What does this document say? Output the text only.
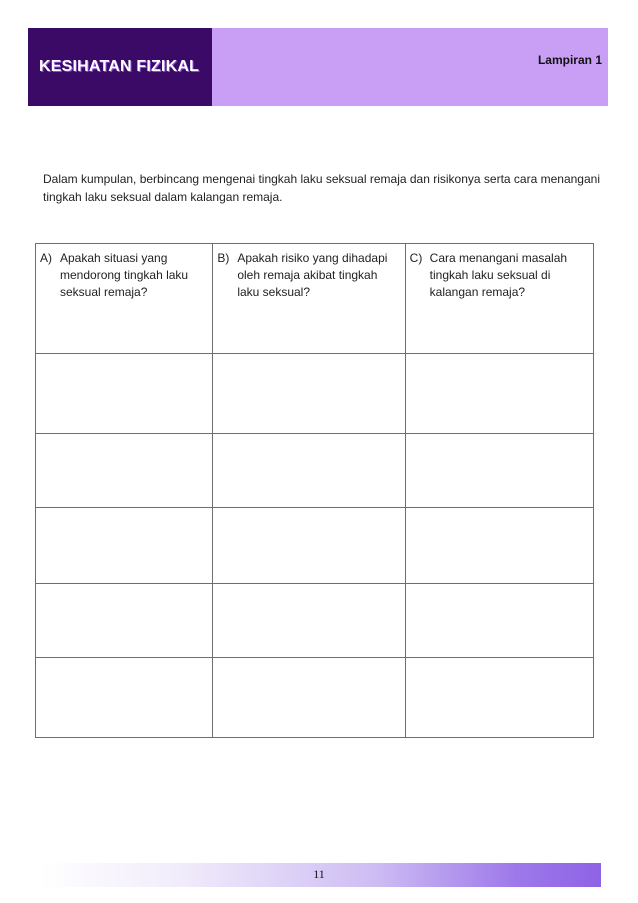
KESIHATAN FIZIKAL	Lampiran 1
Dalam kumpulan, berbincang mengenai tingkah laku seksual remaja dan risikonya serta cara menangani tingkah laku seksual dalam kalangan remaja.
A) Apakah situasi yang mendorong tingkah laku seksual remaja?	B) Apakah risiko yang dihadapi oleh remaja akibat tingkah laku seksual?	C) Cara menangani masalah tingkah laku seksual di kalangan remaja?

11
